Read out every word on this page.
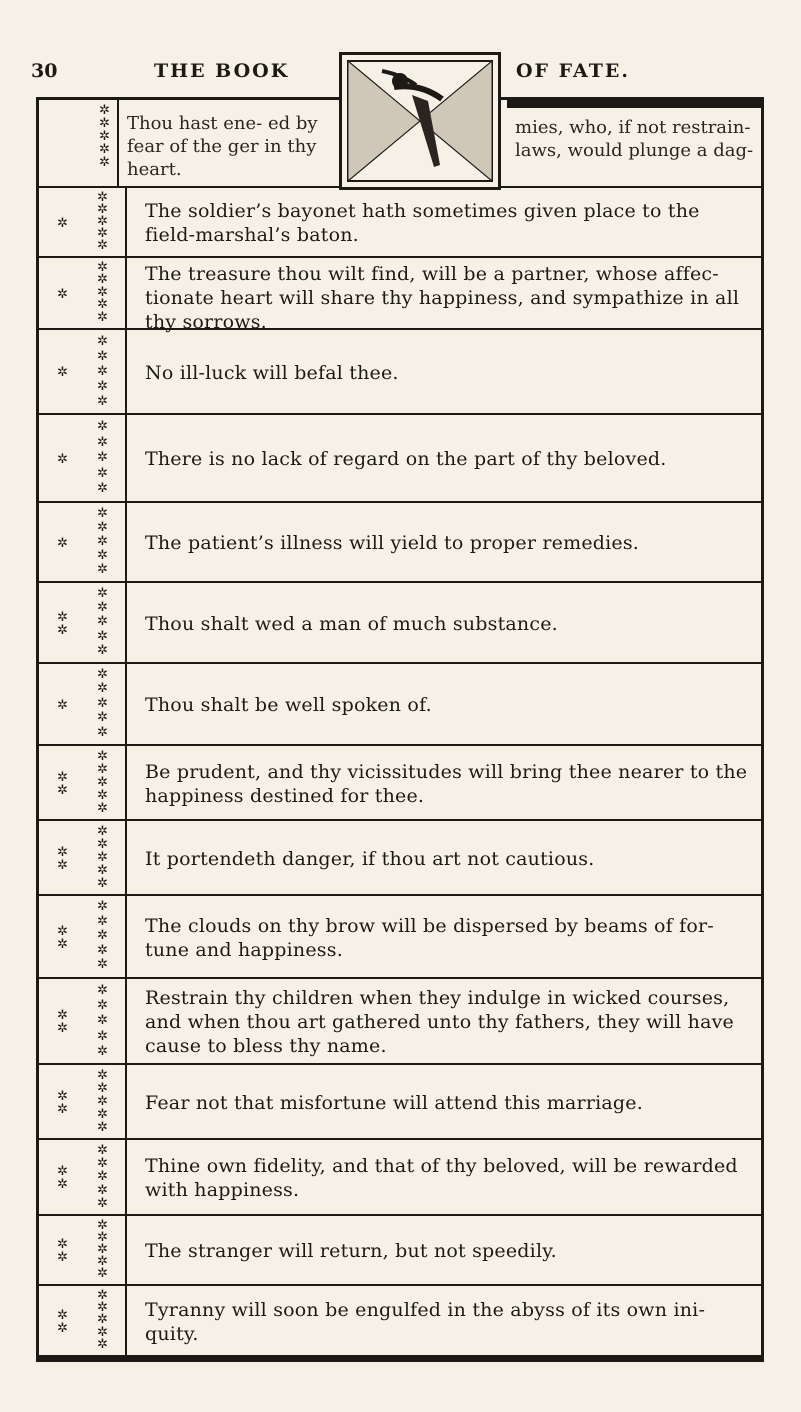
30	THE BOOK	OF FATE.
✲
✲
✲
✲
✲
Thou hast ene- ed by fear of the ger in thy heart.
mies, who, if not restrain- laws, would plunge a dag-
✲
✲
✲
✲
✲
✲
The soldier’s bayonet hath sometimes given place to the field-marshal’s baton.
✲
✲
✲
✲
✲
✲
The treasure thou wilt find, will be a partner, whose affec-tionate heart will share thy happiness, and sympathize in all thy sorrows.
✲
✲
✲
✲
✲
✲
No ill-luck will befal thee.
✲
✲
✲
✲
✲
✲
There is no lack of regard on the part of thy beloved.
✲
✲
✲
✲
✲
✲
The patient’s illness will yield to proper remedies.
✲
✲
✲
✲
✲
✲
✲
Thou shalt wed a man of much substance.
✲
✲
✲
✲
✲
✲
Thou shalt be well spoken of.
✲
✲
✲
✲
✲
✲
✲
Be prudent, and thy vicissitudes will bring thee nearer to the happiness destined for thee.
✲
✲
✲
✲
✲
✲
✲
It portendeth danger, if thou art not cautious.
✲
✲
✲
✲
✲
✲
✲
The clouds on thy brow will be dispersed by beams of for-tune and happiness.
✲
✲
✲
✲
✲
✲
✲
Restrain thy children when they indulge in wicked courses, and when thou art gathered unto thy fathers, they will have cause to bless thy name.
✲
✲
✲
✲
✲
✲
✲
Fear not that misfortune will attend this marriage.
✲
✲
✲
✲
✲
✲
✲
Thine own fidelity, and that of thy beloved, will be rewarded with happiness.
✲
✲
✲
✲
✲
✲
✲
The stranger will return, but not speedily.
✲
✲
✲
✲
✲
✲
✲
Tyranny will soon be engulfed in the abyss of its own ini-quity.
